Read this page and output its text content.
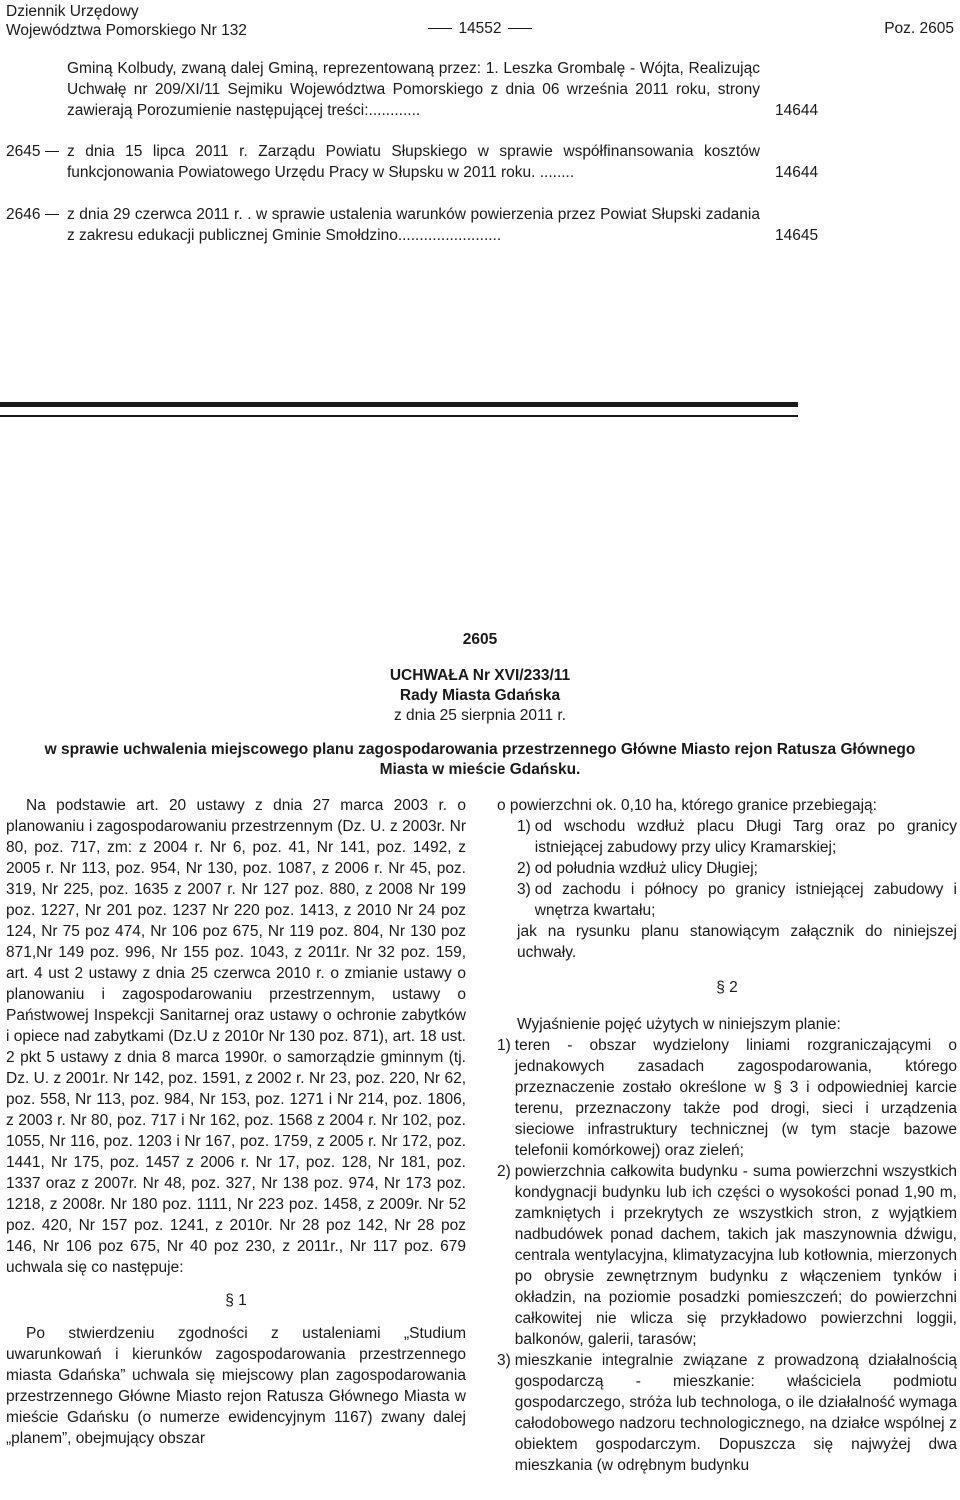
Dziennik Urzędowy
Województwa Pomorskiego Nr 132	14552	Poz. 2605
Gminą Kolbudy, zwaną dalej Gminą, reprezentowaną przez: 1. Leszka Grombalę - Wójta, Realizując Uchwałę nr 209/XI/11 Sejmiku Województwa Pomorskiego z dnia 06 września 2011 roku, strony zawierają Porozumienie następującej treści:............	14644
2645	z dnia 15 lipca 2011 r. Zarządu Powiatu Słupskiego w sprawie współfinansowania kosztów funkcjonowania Powiatowego Urzędu Pracy w Słupsku w 2011 roku. ........	14644
2646	z dnia 29 czerwca 2011 r. . w sprawie ustalenia warunków powierzenia przez Powiat Słupski zadania z zakresu edukacji publicznej Gminie Smołdzino........................	14645
2605
UCHWAŁA Nr XVI/233/11
Rady Miasta Gdańska
z dnia 25 sierpnia 2011 r.
w sprawie uchwalenia miejscowego planu zagospodarowania przestrzennego Główne Miasto rejon Ratusza Głównego Miasta w mieście Gdańsku.

Na podstawie art. 20 ustawy z dnia 27 marca 2003 r. o planowaniu i zagospodarowaniu przestrzennym (Dz. U. z 2003r. Nr 80, poz. 717, zm: z 2004 r. Nr 6, poz. 41, Nr 141, poz. 1492, z 2005 r. Nr 113, poz. 954, Nr 130, poz. 1087, z 2006 r. Nr 45, poz. 319, Nr 225, poz. 1635 z 2007 r. Nr 127 poz. 880, z 2008 Nr 199 poz. 1227, Nr 201 poz. 1237 Nr 220 poz. 1413, z 2010 Nr 24 poz 124, Nr 75 poz 474, Nr 106 poz 675, Nr 119 poz. 804, Nr 130 poz 871,Nr 149 poz. 996, Nr 155 poz. 1043, z 2011r. Nr 32 poz. 159, art. 4 ust 2 ustawy z dnia 25 czerwca 2010 r. o zmianie ustawy o planowaniu i zagospodarowaniu przestrzennym, ustawy o Państwowej Inspekcji Sanitarnej oraz ustawy o ochronie zabytków i opiece nad zabytkami (Dz.U z 2010r Nr 130 poz. 871), art. 18 ust. 2 pkt 5 ustawy z dnia 8 marca 1990r. o samorządzie gminnym (tj. Dz. U. z 2001r. Nr 142, poz. 1591, z 2002 r. Nr 23, poz. 220, Nr 62, poz. 558, Nr 113, poz. 984, Nr 153, poz. 1271 i Nr 214, poz. 1806, z 2003 r. Nr 80, poz. 717 i Nr 162, poz. 1568 z 2004 r. Nr 102, poz. 1055, Nr 116, poz. 1203 i Nr 167, poz. 1759, z 2005 r. Nr 172, poz. 1441, Nr 175, poz. 1457 z 2006 r. Nr 17, poz. 128, Nr 181, poz. 1337 oraz z 2007r. Nr 48, poz. 327, Nr 138 poz. 974, Nr 173 poz. 1218, z 2008r. Nr 180 poz. 1111, Nr 223 poz. 1458, z 2009r. Nr 52 poz. 420, Nr 157 poz. 1241, z 2010r. Nr 28 poz 142, Nr 28 poz 146, Nr 106 poz 675, Nr 40 poz 230, z 2011r., Nr 117 poz. 679 uchwala się co następuje:

§ 1

Po stwierdzeniu zgodności z ustaleniami „Studium uwarunkowań i kierunków zagospodarowania przestrzennego miasta Gdańska” uchwala się miejscowy plan zagospodarowania przestrzennego Główne Miasto rejon Ratusza Głównego Miasta w mieście Gdańsku (o numerze ewidencyjnym 1167) zwany dalej „planem”, obejmujący obszar

o powierzchni ok. 0,10 ha, którego granice przebiegają:

1) od wschodu wzdłuż placu Długi Targ oraz po granicy istniejącej zabudowy przy ulicy Kramarskiej;
2) od południa wzdłuż ulicy Długiej;
3) od zachodu i północy po granicy istniejącej zabudowy i wnętrza kwartału;

jak na rysunku planu stanowiącym załącznik do niniejszej uchwały.

§ 2

Wyjaśnienie pojęć użytych w niniejszym planie:

1) teren - obszar wydzielony liniami rozgraniczającymi o jednakowych zasadach zagospodarowania, którego przeznaczenie zostało określone w § 3 i odpowiedniej karcie terenu, przeznaczony także pod drogi, sieci i urządzenia sieciowe infrastruktury technicznej (w tym stacje bazowe telefonii komórkowej) oraz zieleń;
2) powierzchnia całkowita budynku - suma powierzchni wszystkich kondygnacji budynku lub ich części o wysokości ponad 1,90 m, zamkniętych i przekrytych ze wszystkich stron, z wyjątkiem nadbudówek ponad dachem, takich jak maszynownia dźwigu, centrala wentylacyjna, klimatyzacyjna lub kotłownia, mierzonych po obrysie zewnętrznym budynku z włączeniem tynków i okładzin, na poziomie posadzki pomieszczeń; do powierzchni całkowitej nie wlicza się przykładowo powierzchni loggii, balkonów, galerii, tarasów;
3) mieszkanie integralnie związane z prowadzoną działalnością gospodarczą - mieszkanie: właściciela podmiotu gospodarczego, stróża lub technologa, o ile działalność wymaga całodobowego nadzoru technologicznego, na działce wspólnej z obiektem gospodarczym. Dopuszcza się najwyżej dwa mieszkania (w odrębnym budynku
